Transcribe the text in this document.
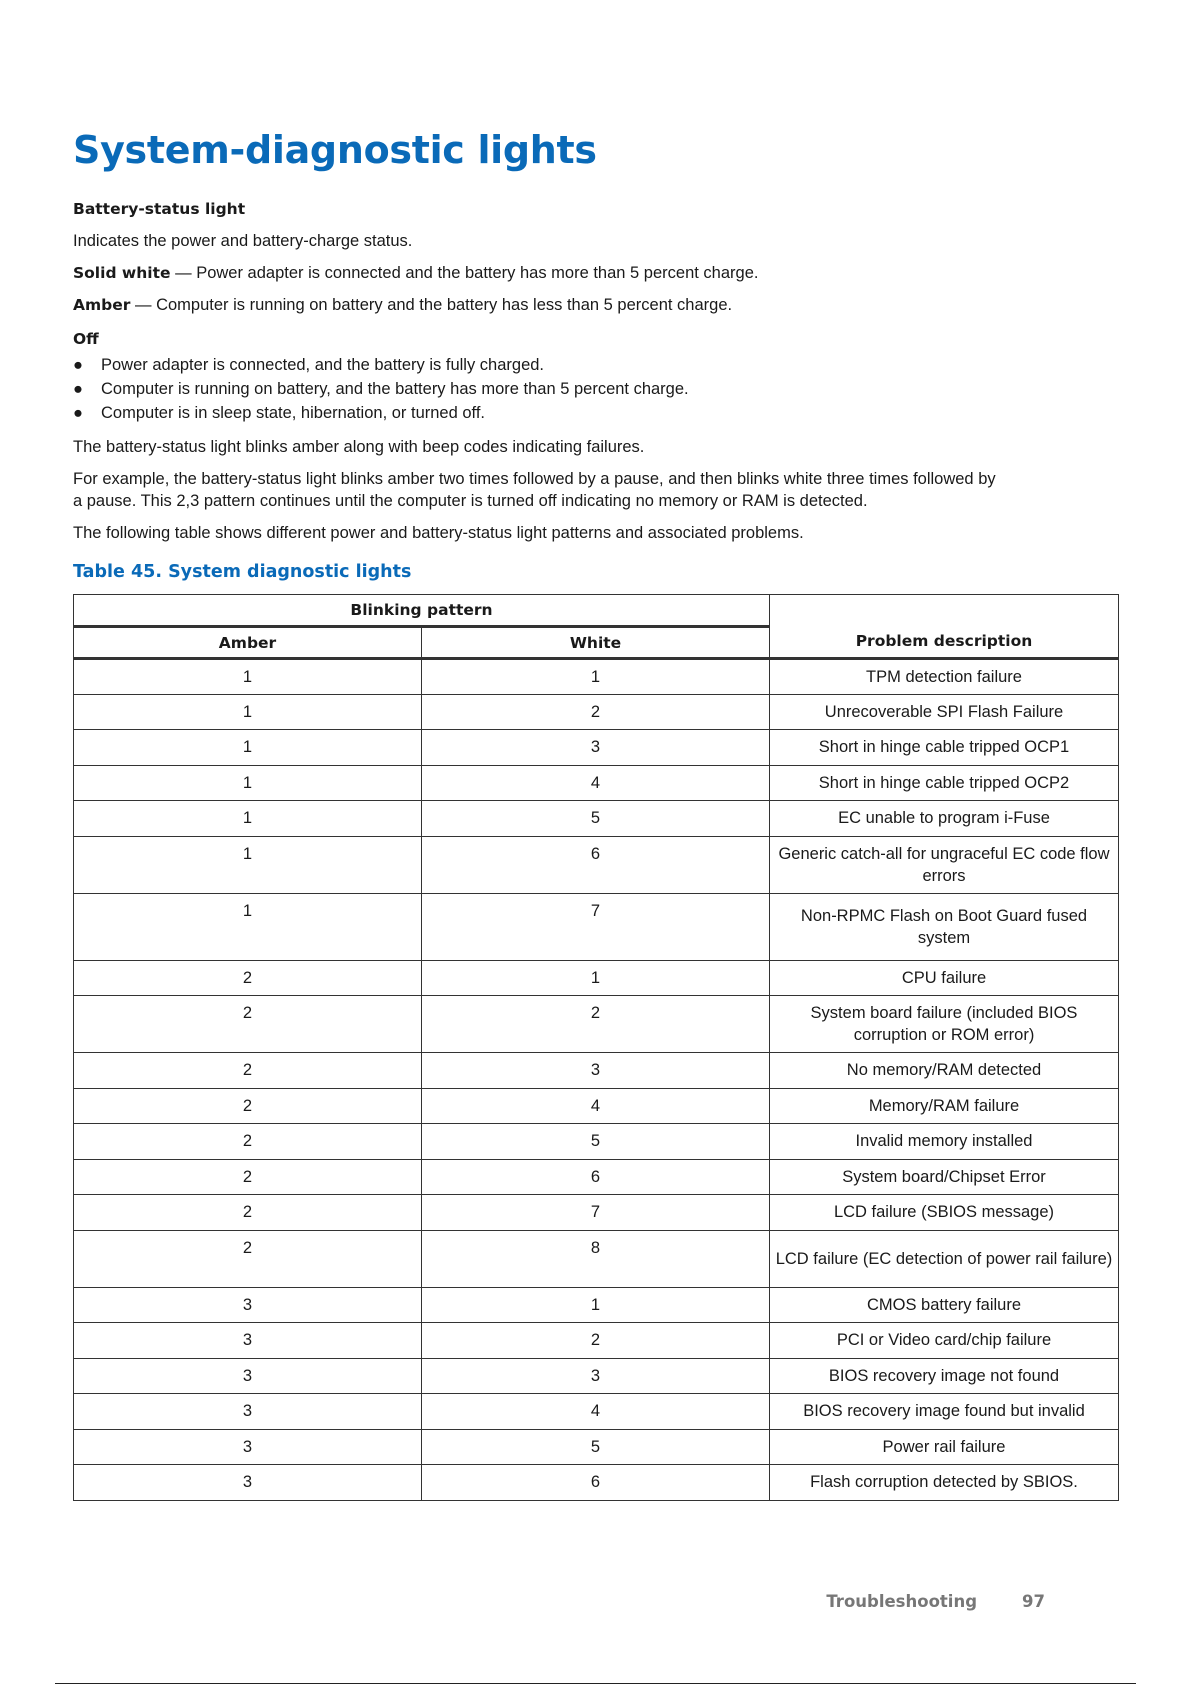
System-diagnostic lights
Battery-status light
Indicates the power and battery-charge status.
Solid white — Power adapter is connected and the battery has more than 5 percent charge.
Amber — Computer is running on battery and the battery has less than 5 percent charge.
Off
● Power adapter is connected, and the battery is fully charged.
● Computer is running on battery, and the battery has more than 5 percent charge.
● Computer is in sleep state, hibernation, or turned off.
The battery-status light blinks amber along with beep codes indicating failures.
For example, the battery-status light blinks amber two times followed by a pause, and then blinks white three times followed by
a pause. This 2,3 pattern continues until the computer is turned off indicating no memory or RAM is detected.
The following table shows different power and battery-status light patterns and associated problems.
Table 45. System diagnostic lights
Blinking pattern		Problem description
Amber	White	
1	1	TPM detection failure
1	2	Unrecoverable SPI Flash Failure
1	3	Short in hinge cable tripped OCP1
1	4	Short in hinge cable tripped OCP2
1	5	EC unable to program i-Fuse
1	6	Generic catch-all for ungraceful EC code flow errors
1	7	Non-RPMC Flash on Boot Guard fused system
2	1	CPU failure
2	2	System board failure (included BIOS corruption or ROM error)
2	3	No memory/RAM detected
2	4	Memory/RAM failure
2	5	Invalid memory installed
2	6	System board/Chipset Error
2	7	LCD failure (SBIOS message)
2	8	LCD failure (EC detection of power rail failure)
3	1	CMOS battery failure
3	2	PCI or Video card/chip failure
3	3	BIOS recovery image not found
3	4	BIOS recovery image found but invalid
3	5	Power rail failure
3	6	Flash corruption detected by SBIOS.
Troubleshooting	97
